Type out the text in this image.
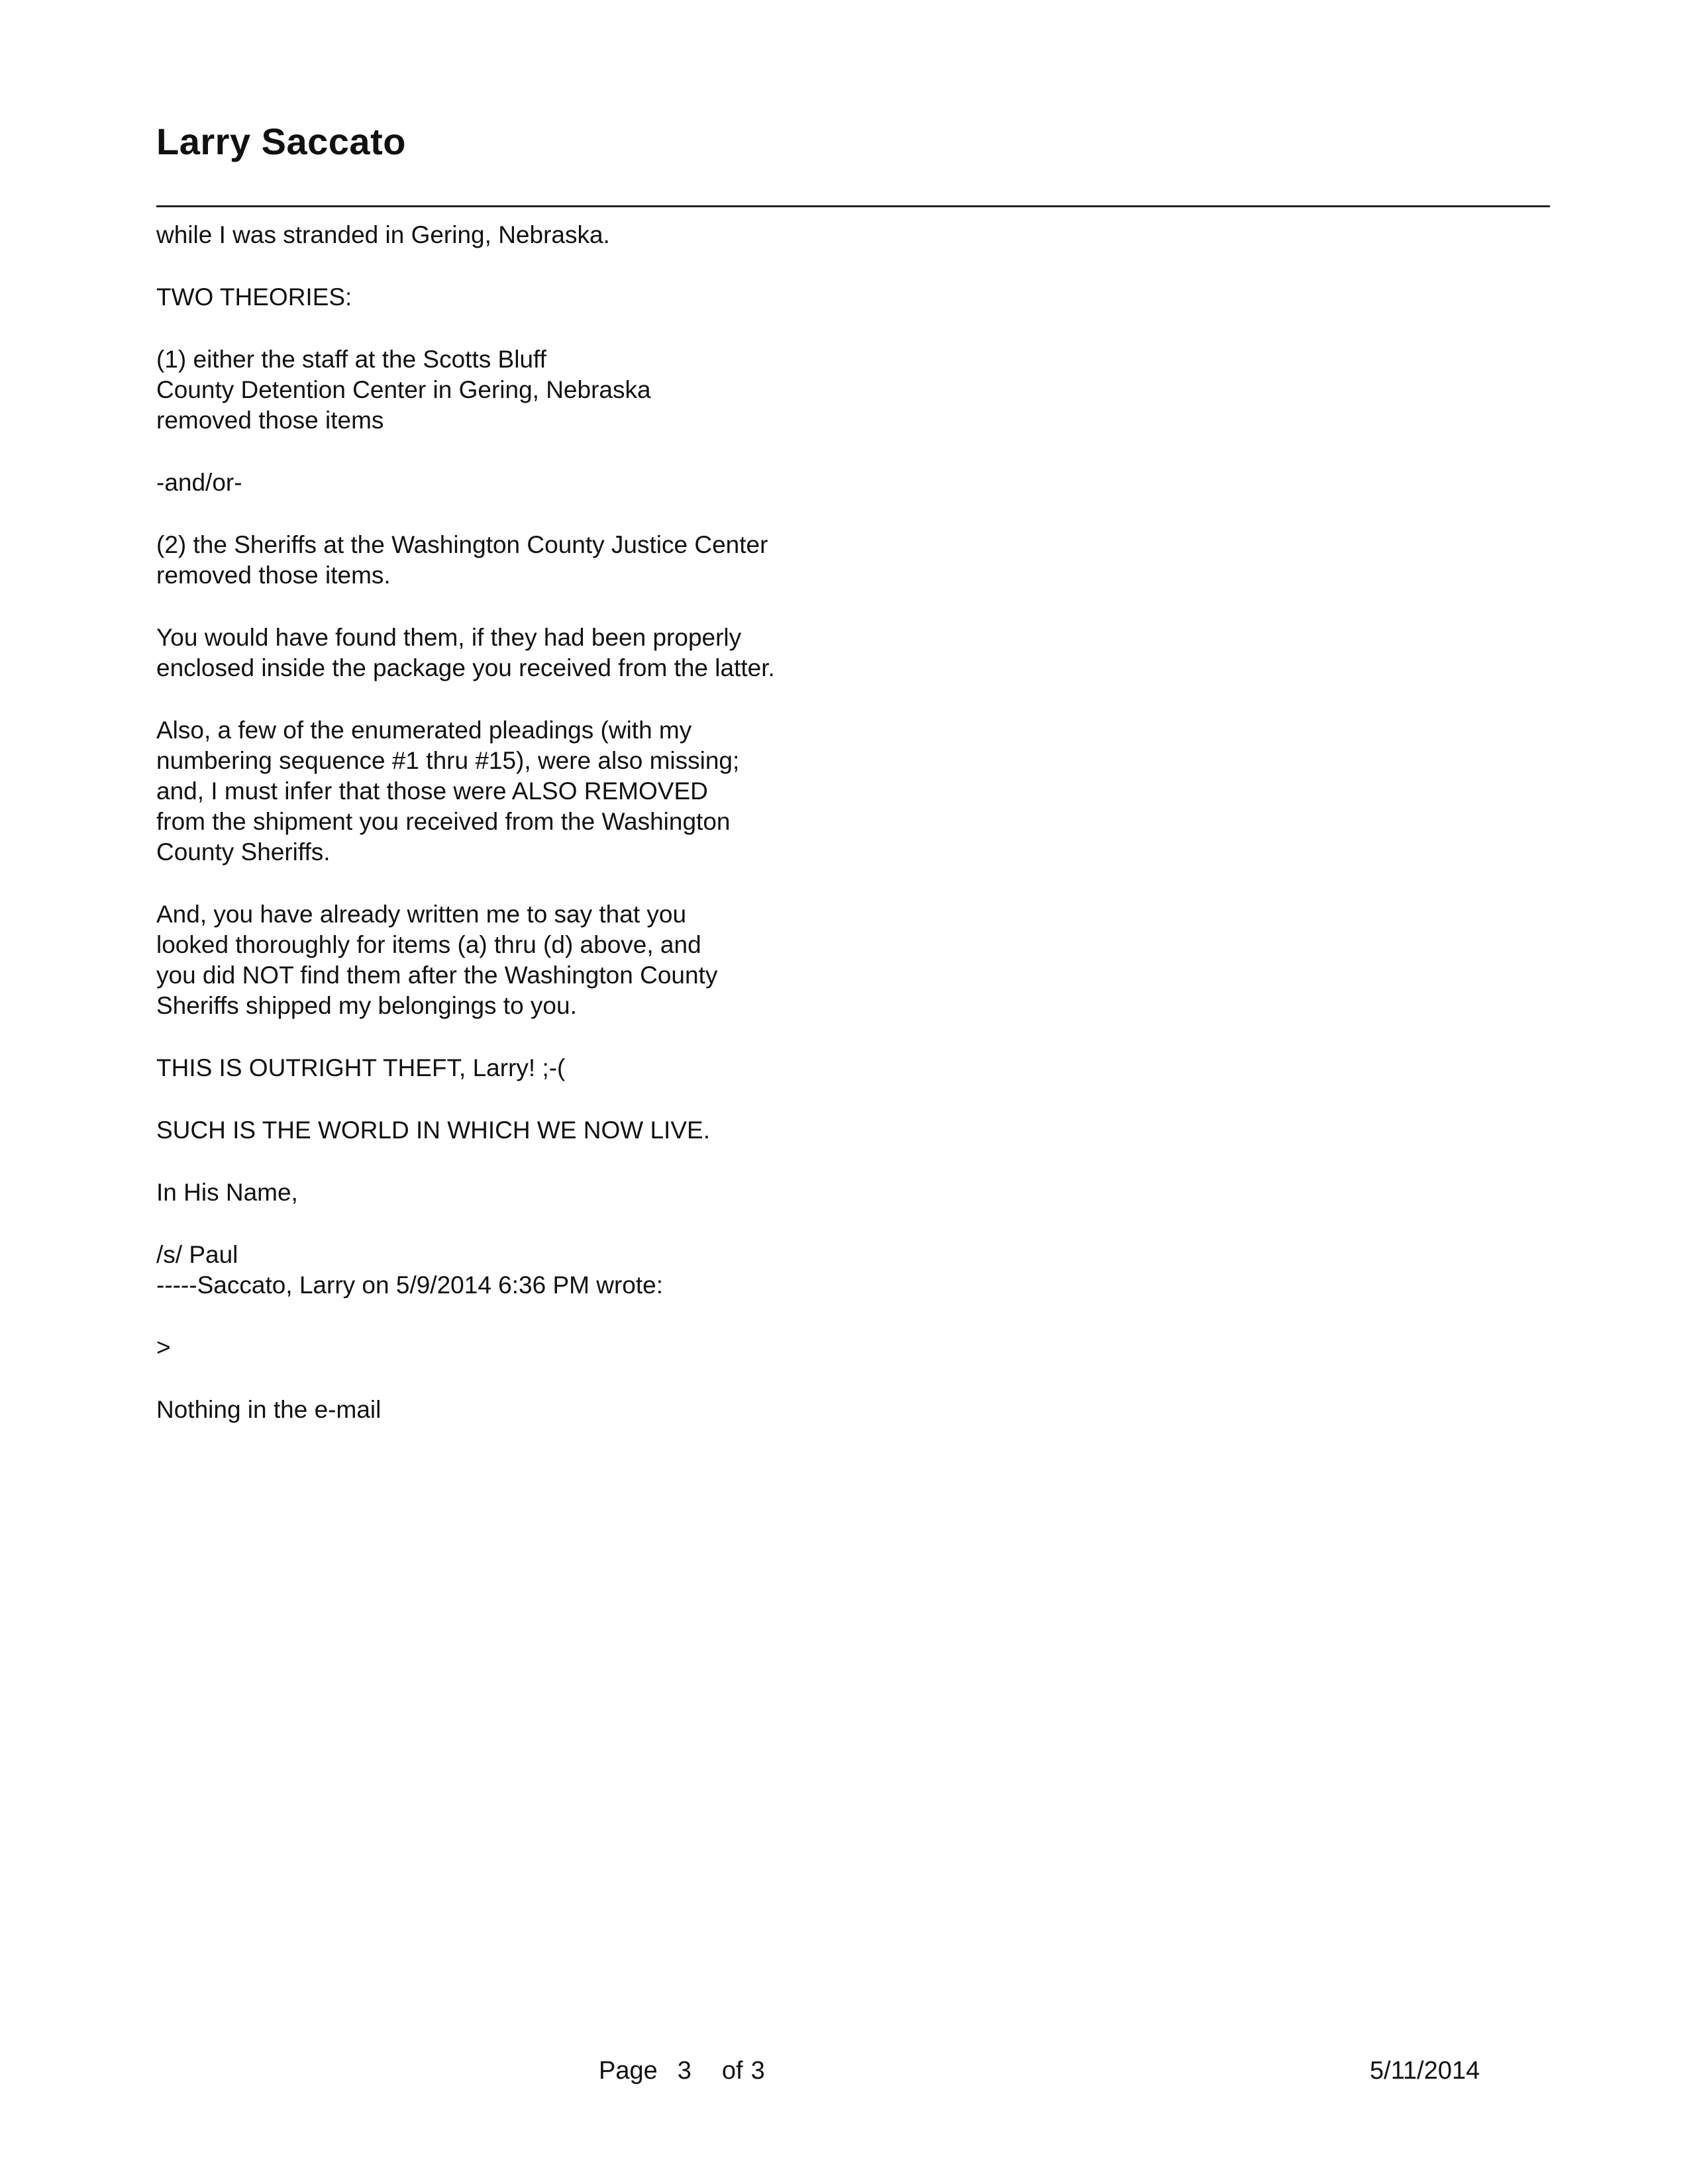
Larry Saccato
while I was stranded in Gering, Nebraska.
TWO THEORIES:
(1) either the staff at the Scotts Bluff
County Detention Center in Gering, Nebraska
removed those items
-and/or-
(2) the Sheriffs at the Washington County Justice Center
removed those items.
You would have found them, if they had been properly
enclosed inside the package you received from the latter.
Also, a few of the enumerated pleadings (with my
numbering sequence #1 thru #15), were also missing;
and, I must infer that those were ALSO REMOVED
from the shipment you received from the Washington
County Sheriffs.
And, you have already written me to say that you
looked thoroughly for items (a) thru (d) above, and
you did NOT find them after the Washington County
Sheriffs shipped my belongings to you.
THIS IS OUTRIGHT THEFT, Larry! ;-(
SUCH IS THE WORLD IN WHICH WE NOW LIVE.
In His Name,
/s/ Paul
-----Saccato, Larry on 5/9/2014 6:36 PM wrote:
>
Nothing in the e-mail
Page 3 of 3	5/11/2014
